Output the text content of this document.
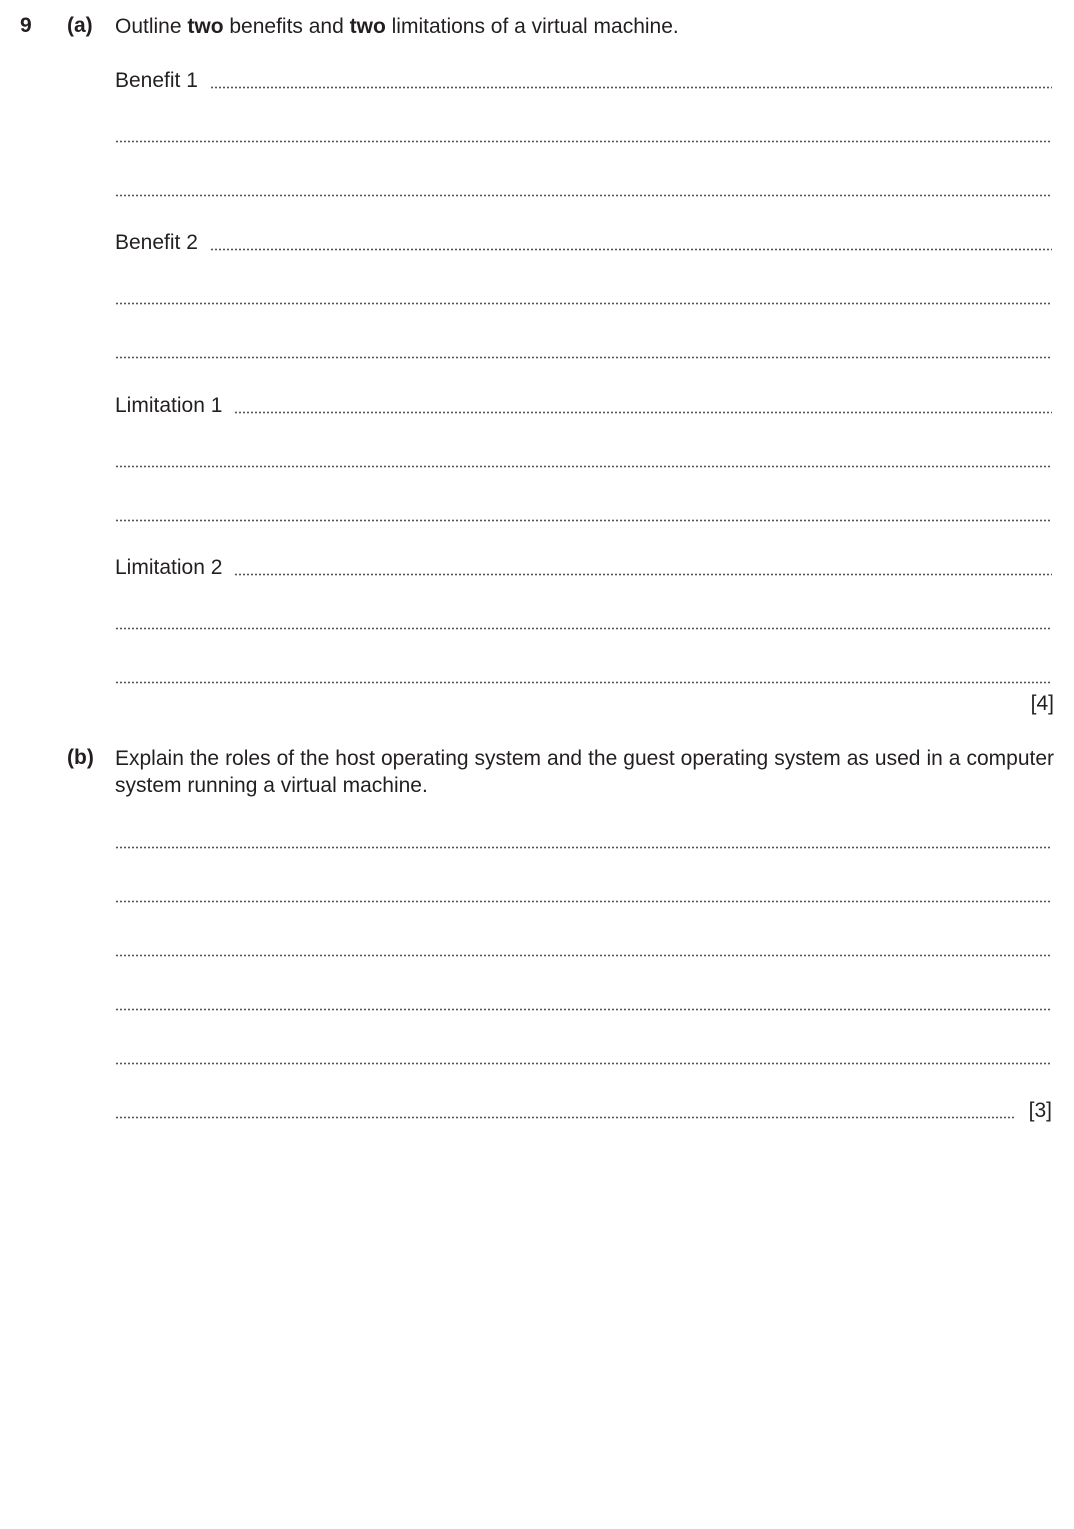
9 (a) Outline two benefits and two limitations of a virtual machine.
Benefit 1
Benefit 2
Limitation 1
Limitation 2
[4]
(b) Explain the roles of the host operating system and the guest operating system as used in a computer system running a virtual machine.
[3]
